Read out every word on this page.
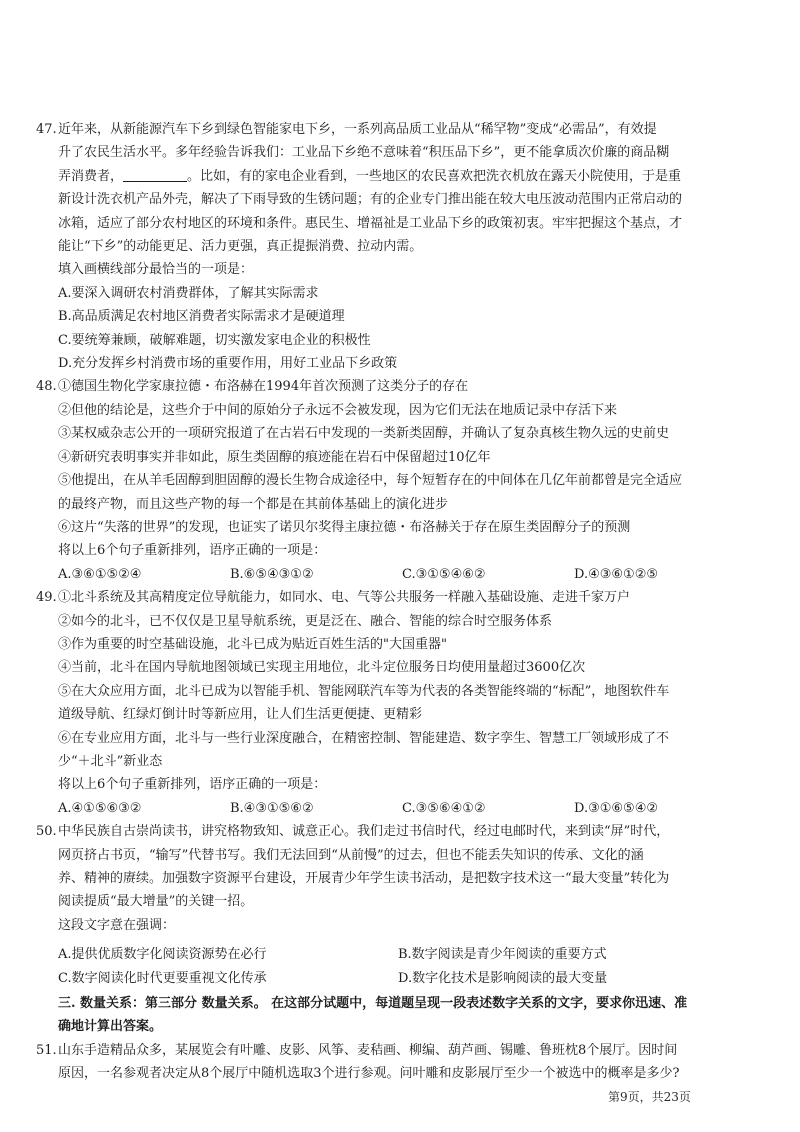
47. 近年来，从新能源汽车下乡到绿色智能家电下乡，一系列高品质工业品从“稀罕物”变成“必需品”，有效提
升了农民生活水平。多年经验告诉我们：工业品下乡绝不意味着“积压品下乡”，更不能拿质次价廉的商品糊
弄消费者，	。比如，有的家电企业看到，一些地区的农民喜欢把洗衣机放在露天小院使用，于是重
新设计洗衣机产品外壳，解决了下雨导致的生锈问题；有的企业专门推出能在较大电压波动范围内正常启动的
冰箱，适应了部分农村地区的环境和条件。惠民生、增福祉是工业品下乡的政策初衷。牢牢把握这个基点，才
能让“下乡”的动能更足、活力更强，真正提振消费、拉动内需。
填入画横线部分最恰当的一项是：
A.要深入调研农村消费群体，了解其实际需求
B.高品质满足农村地区消费者实际需求才是硬道理
C.要统筹兼顾，破解难题，切实激发家电企业的积极性
D.充分发挥乡村消费市场的重要作用，用好工业品下乡政策
48. ①德国生物化学家康拉德・布洛赫在1994年首次预测了这类分子的存在
②但他的结论是，这些介于中间的原始分子永远不会被发现，因为它们无法在地质记录中存活下来
③某权威杂志公开的一项研究报道了在古岩石中发现的一类新类固醇，并确认了复杂真核生物久远的史前史
④新研究表明事实并非如此，原生类固醇的痕迹能在岩石中保留超过10亿年
⑤他提出，在从羊毛固醇到胆固醇的漫长生物合成途径中，每个短暂存在的中间体在几亿年前都曾是完全适应
的最终产物，而且这些产物的每一个都是在其前体基础上的演化进步
⑥这片“失落的世界”的发现，也证实了诺贝尔奖得主康拉德・布洛赫关于存在原生类固醇分子的预测
将以上6个句子重新排列，语序正确的一项是：
A.③⑥①⑤②④	B.⑥⑤④③①②	C.③①⑤④⑥②	D.④③⑥①②⑤
49. ①北斗系统及其高精度定位导航能力，如同水、电、气等公共服务一样融入基础设施、走进千家万户
②如今的北斗，已不仅仅是卫星导航系统，更是泛在、融合、智能的综合时空服务体系
③作为重要的时空基础设施，北斗已成为贴近百姓生活的"大国重器"
④当前，北斗在国内导航地图领域已实现主用地位，北斗定位服务日均使用量超过3600亿次
⑤在大众应用方面，北斗已成为以智能手机、智能网联汽车等为代表的各类智能终端的“标配”，地图软件车
道级导航、红绿灯倒计时等新应用，让人们生活更便捷、更精彩
⑥在专业应用方面，北斗与一些行业深度融合，在精密控制、智能建造、数字孪生、智慧工厂领域形成了不
少“＋北斗”新业态
将以上6个句子重新排列，语序正确的一项是：
A.④①⑤⑥③②	B.④③①⑤⑥②	C.③⑤⑥④①②	D.③①⑥⑤④②
50. 中华民族自古崇尚读书，讲究格物致知、诚意正心。我们走过书信时代，经过电邮时代，来到读“屏”时代，
网页挤占书页，“输写”代替书写。我们无法回到“从前慢”的过去，但也不能丢失知识的传承、文化的涵
养、精神的赓续。加强数字资源平台建设，开展青少年学生读书活动，是把数字技术这一“最大变量”转化为
阅读提质“最大增量”的关键一招。
这段文字意在强调：
A.提供优质数字化阅读资源势在必行	B.数字阅读是青少年阅读的重要方式
C.数字阅读化时代更要重视文化传承	D.数字化技术是影响阅读的最大变量
三. 数量关系：第三部分 数量关系。 在这部分试题中，每道题呈现一段表述数字关系的文字，要求你迅速、准
确地计算出答案。
51. 山东手造精品众多，某展览会有叶雕、皮影、风筝、麦秸画、柳编、葫芦画、锡雕、鲁班枕8个展厅。因时间
原因，一名参观者决定从8个展厅中随机选取3个进行参观。问叶雕和皮影展厅至少一个被选中的概率是多少?
第9页，共23页
